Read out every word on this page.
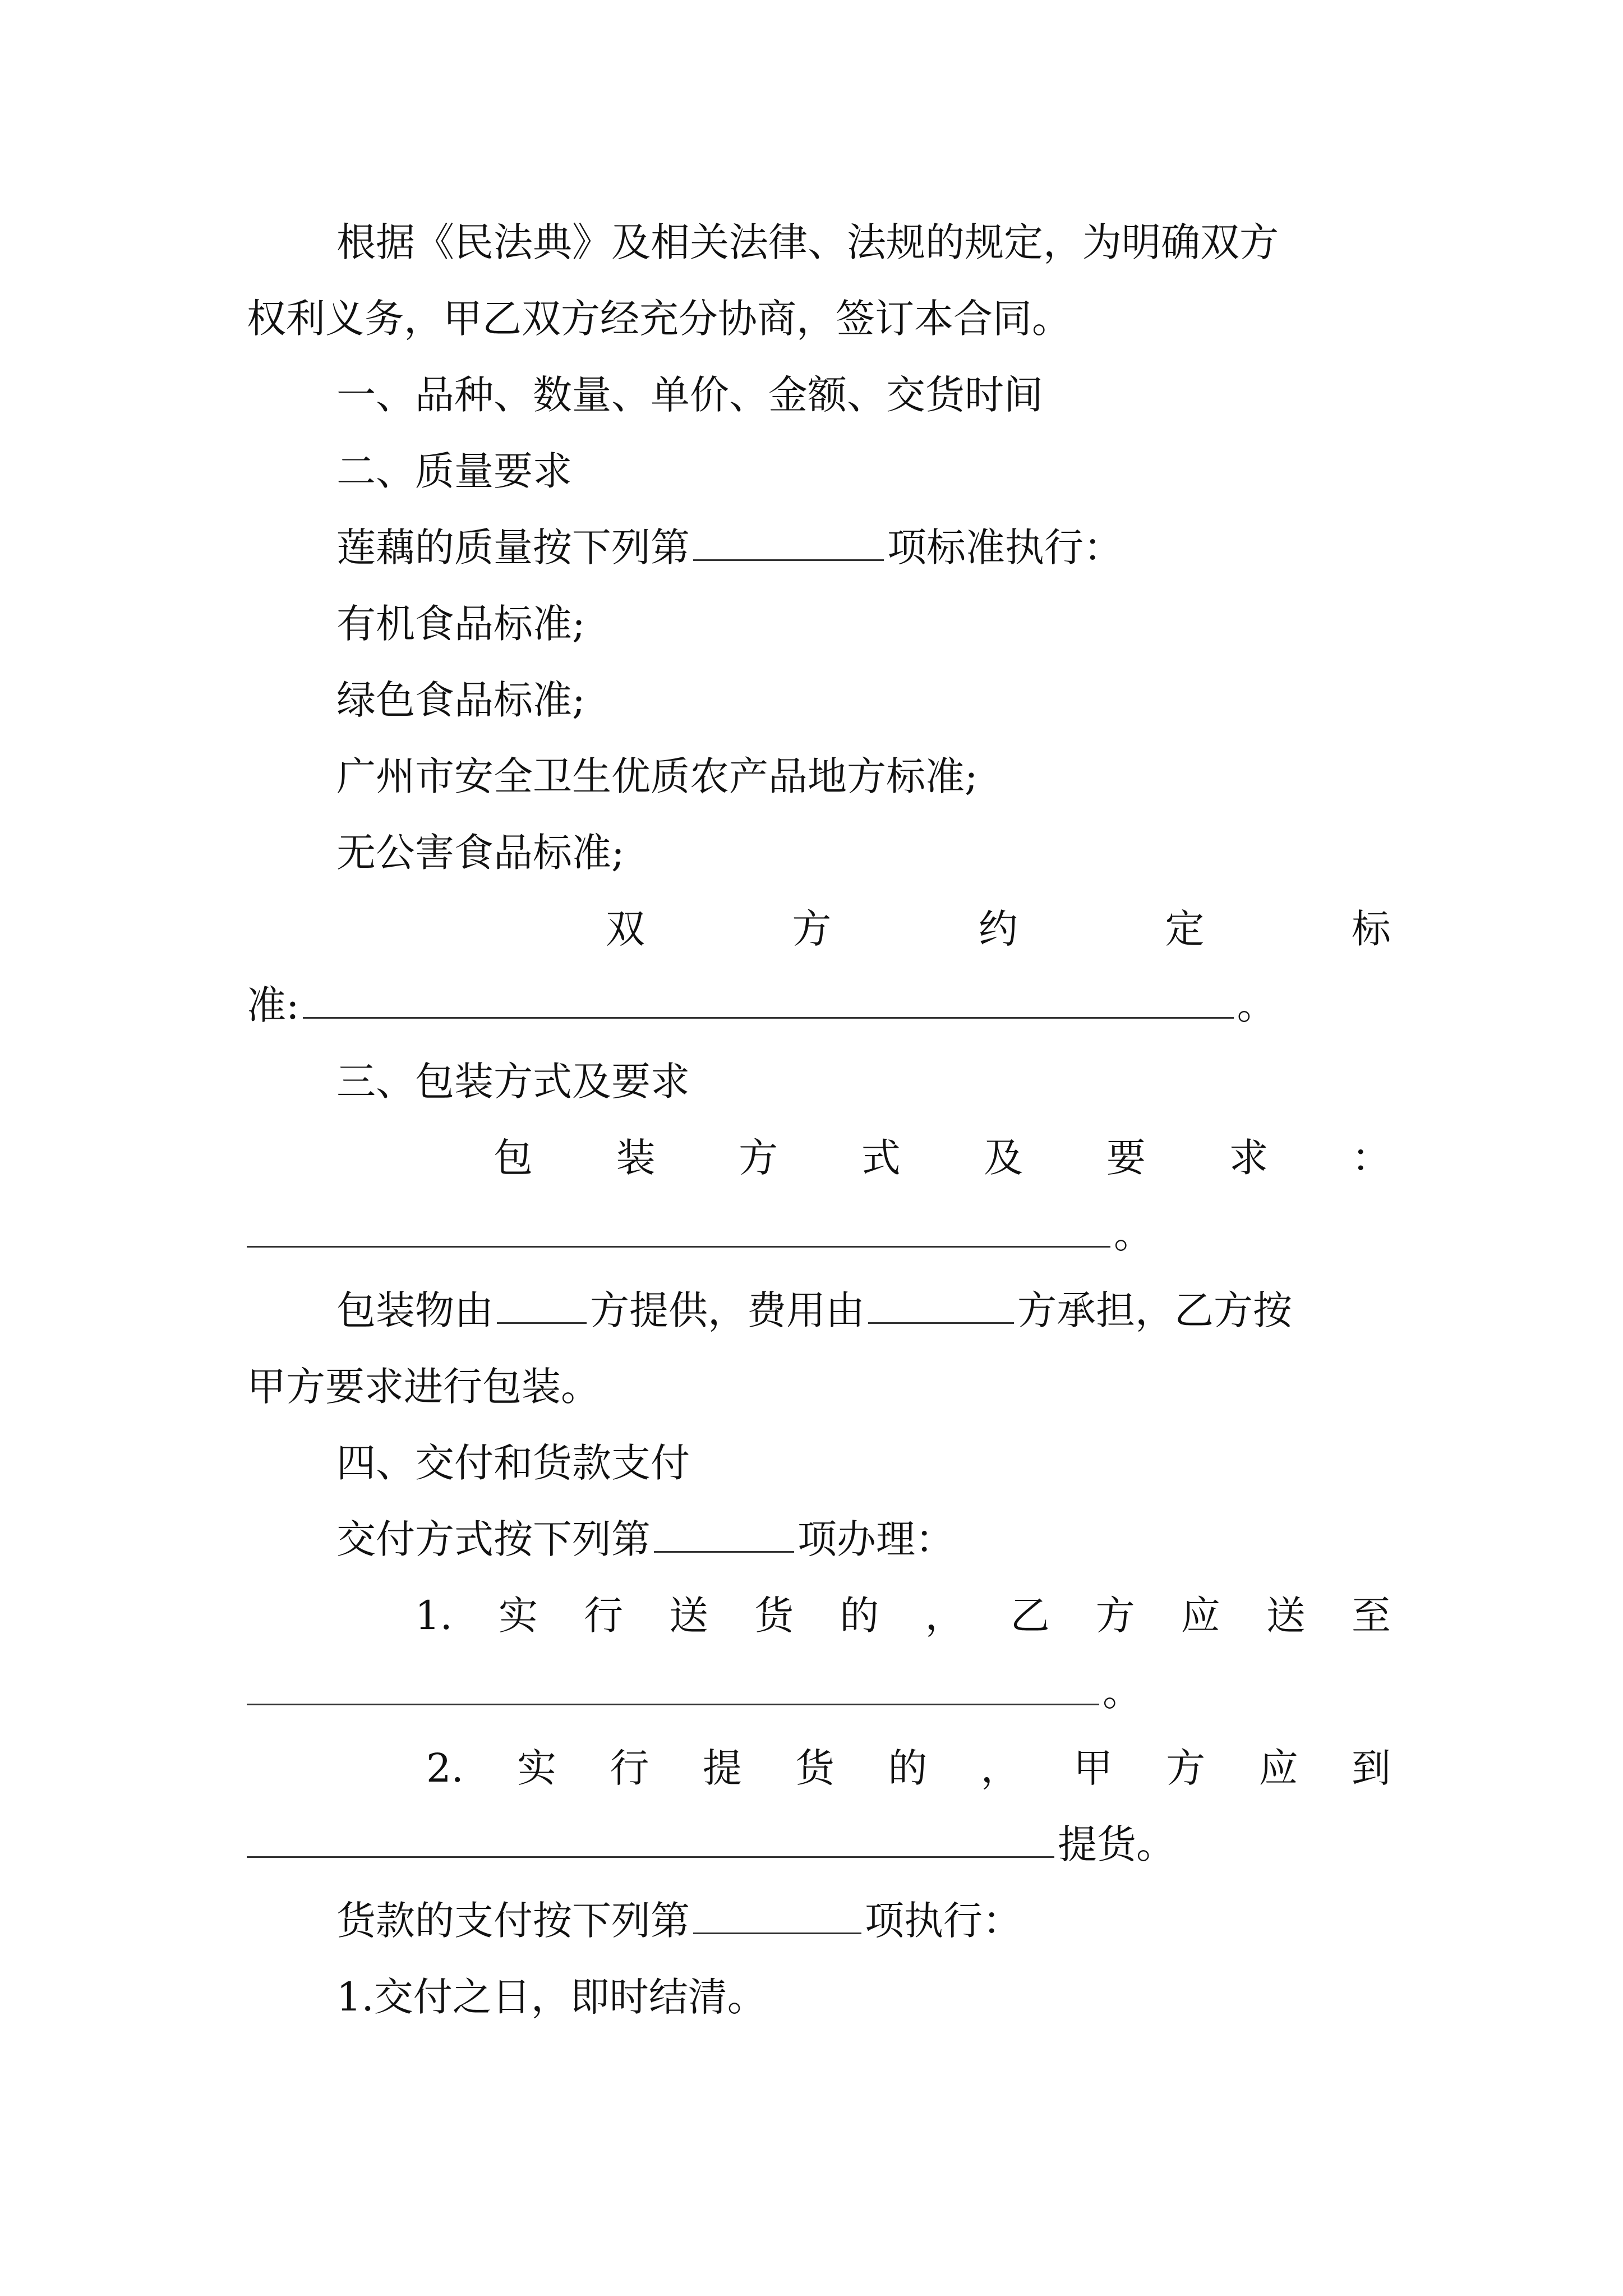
根据《民法典》及相关法律、法规的规定，为明确双方
权利义务，甲乙双方经充分协商，签订本合同。
一、品种、数量、单价、金额、交货时间
二、质量要求
莲藕的质量按下列第	项标准执行：
有机食品标准;
绿色食品标准;
广州市安全卫生优质农产品地方标准;
无公害食品标准;
双	方	约	定	标
准:	。
三、包装方式及要求
包 装 方 式 及 要 求 ：
。
包装物由 方提供，费用由	方承担，乙方按
甲方要求进行包装。
四、交付和货款支付
交付方式按下列第	项办理：
1. 实 行 送 货 的 ， 乙 方 应 送 至
。
2. 实 行 提 货 的 ， 甲 方 应 到
提货。
货款的支付按下列第	项执行：
1.交付之日，即时结清。
